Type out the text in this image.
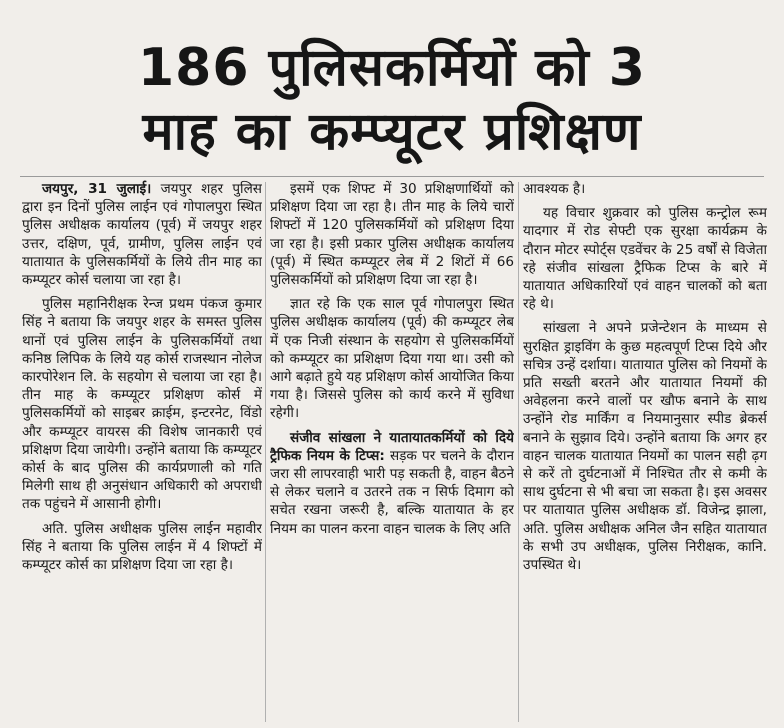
186 पुलिसकर्मियों को 3
माह का कम्प्यूटर प्रशिक्षण

जयपुर, 31 जुलाई। जयपुर शहर पुलिस द्वारा इन दिनों पुलिस लाईन एवं गोपालपुरा स्थित पुलिस अधीक्षक कार्यालय (पूर्व) में जयपुर शहर उत्तर, दक्षिण, पूर्व, ग्रामीण, पुलिस लाईन एवं यातायात के पुलिसकर्मियों के लिये तीन माह का कम्प्यूटर कोर्स चलाया जा रहा है।

पुलिस महानिरीक्षक रेन्ज प्रथम पंकज कुमार सिंह ने बताया कि जयपुर शहर के समस्त पुलिस थानों एवं पुलिस लाईन के पुलिसकर्मियों तथा कनिष्ठ लिपिक के लिये यह कोर्स राजस्थान नोलेज कारपोरेशन लि. के सहयोग से चलाया जा रहा है। तीन माह के कम्प्यूटर प्रशिक्षण कोर्स में पुलिसकर्मियों को साइबर क्राईम, इन्टरनेट, विंडो और कम्प्यूटर वायरस की विशेष जानकारी एवं प्रशिक्षण दिया जायेगी। उन्होंने बताया कि कम्प्यूटर कोर्स के बाद पुलिस की कार्यप्रणाली को गति मिलेगी साथ ही अनुसंधान अधिकारी को अपराधी तक पहुंचने में आसानी होगी।

अति. पुलिस अधीक्षक पुलिस लाईन महावीर सिंह ने बताया कि पुलिस लाईन में 4 शिफ्टों में कम्प्यूटर कोर्स का प्रशिक्षण दिया जा रहा है।

इसमें एक शिफ्ट में 30 प्रशिक्षणार्थियों को प्रशिक्षण दिया जा रहा है। तीन माह के लिये चारों शिफ्टों में 120 पुलिसकर्मियों को प्रशिक्षण दिया जा रहा है। इसी प्रकार पुलिस अधीक्षक कार्यालय (पूर्व) में स्थित कम्प्यूटर लेब में 2 शिटों में 66 पुलिसकर्मियों को प्रशिक्षण दिया जा रहा है।

ज्ञात रहे कि एक साल पूर्व गोपालपुरा स्थित पुलिस अधीक्षक कार्यालय (पूर्व) की कम्प्यूटर लेब में एक निजी संस्थान के सहयोग से पुलिसकर्मियों को कम्प्यूटर का प्रशिक्षण दिया गया था। उसी को आगे बढ़ाते हुये यह प्रशिक्षण कोर्स आयोजित किया गया है। जिससे पुलिस को कार्य करने में सुविधा रहेगी।

संजीव सांखला ने यातायातकर्मियों को दिये ट्रैफिक नियम के टिप्स: सड़क पर चलने के दौरान जरा सी लापरवाही भारी पड़ सकती है, वाहन बैठने से लेकर चलाने व उतरने तक न सिर्फ दिमाग को सचेत रखना जरूरी है, बल्कि यातायात के हर नियम का पालन करना वाहन चालक के लिए अति

आवश्यक है।

यह विचार शुक्रवार को पुलिस कन्ट्रोल रूम यादगार में रोड सेफ्टी एक सुरक्षा कार्यक्रम के दौरान मोटर स्पोर्ट्स एडवेंचर के 25 वर्षों से विजेता रहे संजीव सांखला ट्रैफिक टिप्स के बारे में यातायात अधिकारियों एवं वाहन चालकों को बता रहे थे।

सांखला ने अपने प्रजेन्टेशन के माध्यम से सुरक्षित ड्राइविंग के कुछ महत्वपूर्ण टिप्स दिये और सचित्र उन्हें दर्शाया। यातायात पुलिस को नियमों के प्रति सख्ती बरतने और यातायात नियमों की अवेहलना करने वालों पर खौफ बनाने के साथ उन्होंने रोड मार्किंग व नियमानुसार स्पीड ब्रेकर्स बनाने के सुझाव दिये। उन्होंने बताया कि अगर हर वाहन चालक यातायात नियमों का पालन सही ढ़ग से करें तो दुर्घटनाओं में निश्चित तौर से कमी के साथ दुर्घटना से भी बचा जा सकता है। इस अवसर पर यातायात पुलिस अधीक्षक डॉ. विजेन्द्र झाला, अति. पुलिस अधीक्षक अनिल जैन सहित यातायात के सभी उप अधीक्षक, पुलिस निरीक्षक, कानि. उपस्थित थे।
